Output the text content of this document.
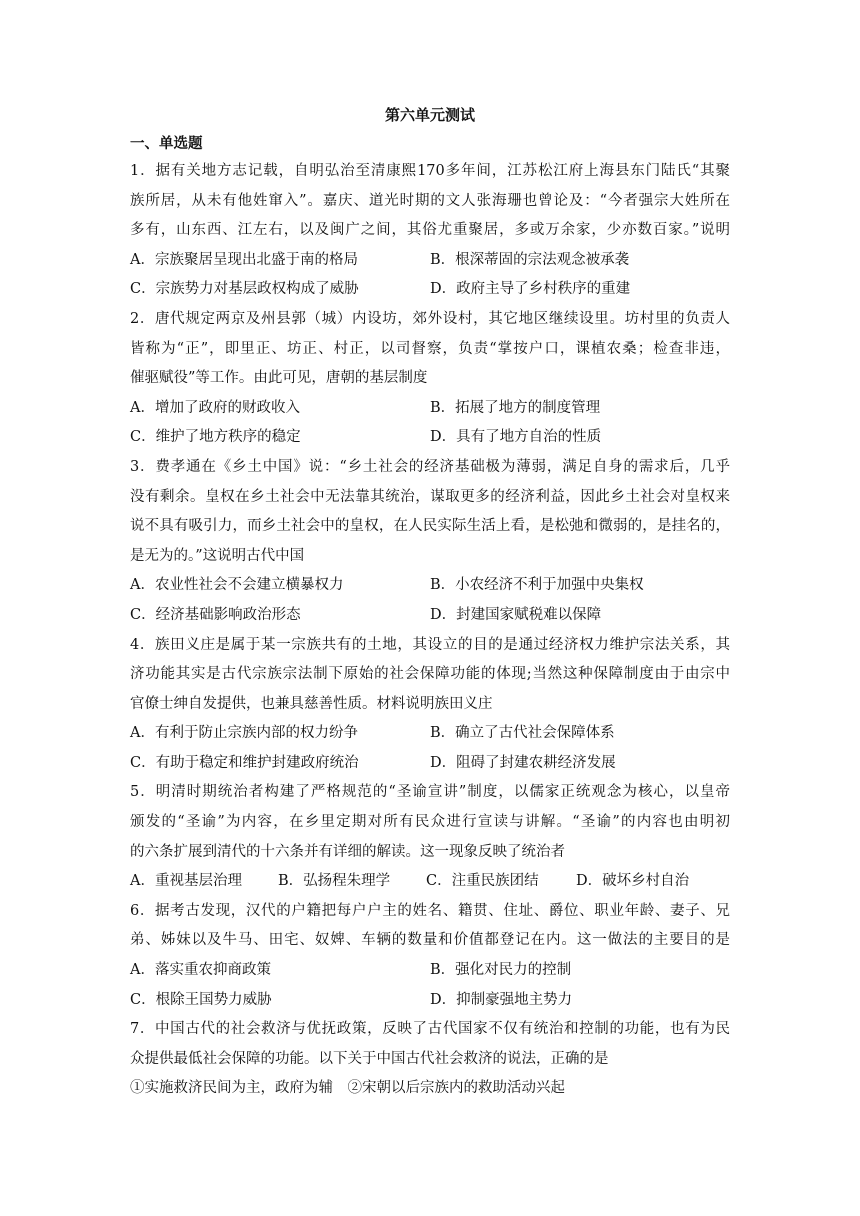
第六单元测试
一、单选题
1．据有关地方志记载，自明弘治至清康熙170多年间，江苏松江府上海县东门陆氏“其聚
族所居，从未有他姓窜入”。嘉庆、道光时期的文人张海珊也曾论及：“今者强宗大姓所在
多有，山东西、江左右，以及闽广之间，其俗尤重聚居，多或万余家，少亦数百家。”说明
A．宗族聚居呈现出北盛于南的格局	B．根深蒂固的宗法观念被承袭
C．宗族势力对基层政权构成了威胁	D．政府主导了乡村秩序的重建
2．唐代规定两京及州县郭（城）内设坊，郊外设村，其它地区继续设里。坊村里的负责人
皆称为“正”，即里正、坊正、村正，以司督察，负责“掌按户口，课植农桑；检查非违，
催驱赋役”等工作。由此可见，唐朝的基层制度
A．增加了政府的财政收入	B．拓展了地方的制度管理
C．维护了地方秩序的稳定	D．具有了地方自治的性质
3．费孝通在《乡土中国》说：“乡土社会的经济基础极为薄弱，满足自身的需求后，几乎
没有剩余。皇权在乡土社会中无法靠其统治，谋取更多的经济利益，因此乡土社会对皇权来
说不具有吸引力，而乡土社会中的皇权，在人民实际生活上看，是松弛和微弱的，是挂名的，
是无为的。”这说明古代中国
A．农业性社会不会建立横暴权力	B．小农经济不利于加强中央集权
C．经济基础影响政治形态	D．封建国家赋税难以保障
4．族田义庄是属于某一宗族共有的土地，其设立的目的是通过经济权力维护宗法关系，其
济功能其实是古代宗族宗法制下原始的社会保障功能的体现;当然这种保障制度由于由宗中
官僚士绅自发提供，也兼具慈善性质。材料说明族田义庄
A．有利于防止宗族内部的权力纷争	B．确立了古代社会保障体系
C．有助于稳定和维护封建政府统治	D．阻碍了封建农耕经济发展
5．明清时期统治者构建了严格规范的“圣谕宣讲”制度，以儒家正统观念为核心，以皇帝
颁发的“圣谕”为内容，在乡里定期对所有民众进行宣读与讲解。“圣谕”的内容也由明初
的六条扩展到清代的十六条并有详细的解读。这一现象反映了统治者
A．重视基层治理	B．弘扬程朱理学	C．注重民族团结	D．破坏乡村自治
6．据考古发现，汉代的户籍把每户户主的姓名、籍贯、住址、爵位、职业年龄、妻子、兄
弟、姊妹以及牛马、田宅、奴婢、车辆的数量和价值都登记在内。这一做法的主要目的是
A．落实重农抑商政策	B．强化对民力的控制
C．根除王国势力威胁	D．抑制豪强地主势力
7．中国古代的社会救济与优抚政策，反映了古代国家不仅有统治和控制的功能，也有为民
众提供最低社会保障的功能。以下关于中国古代社会救济的说法，正确的是
①实施救济民间为主，政府为辅　②宋朝以后宗族内的救助活动兴起
